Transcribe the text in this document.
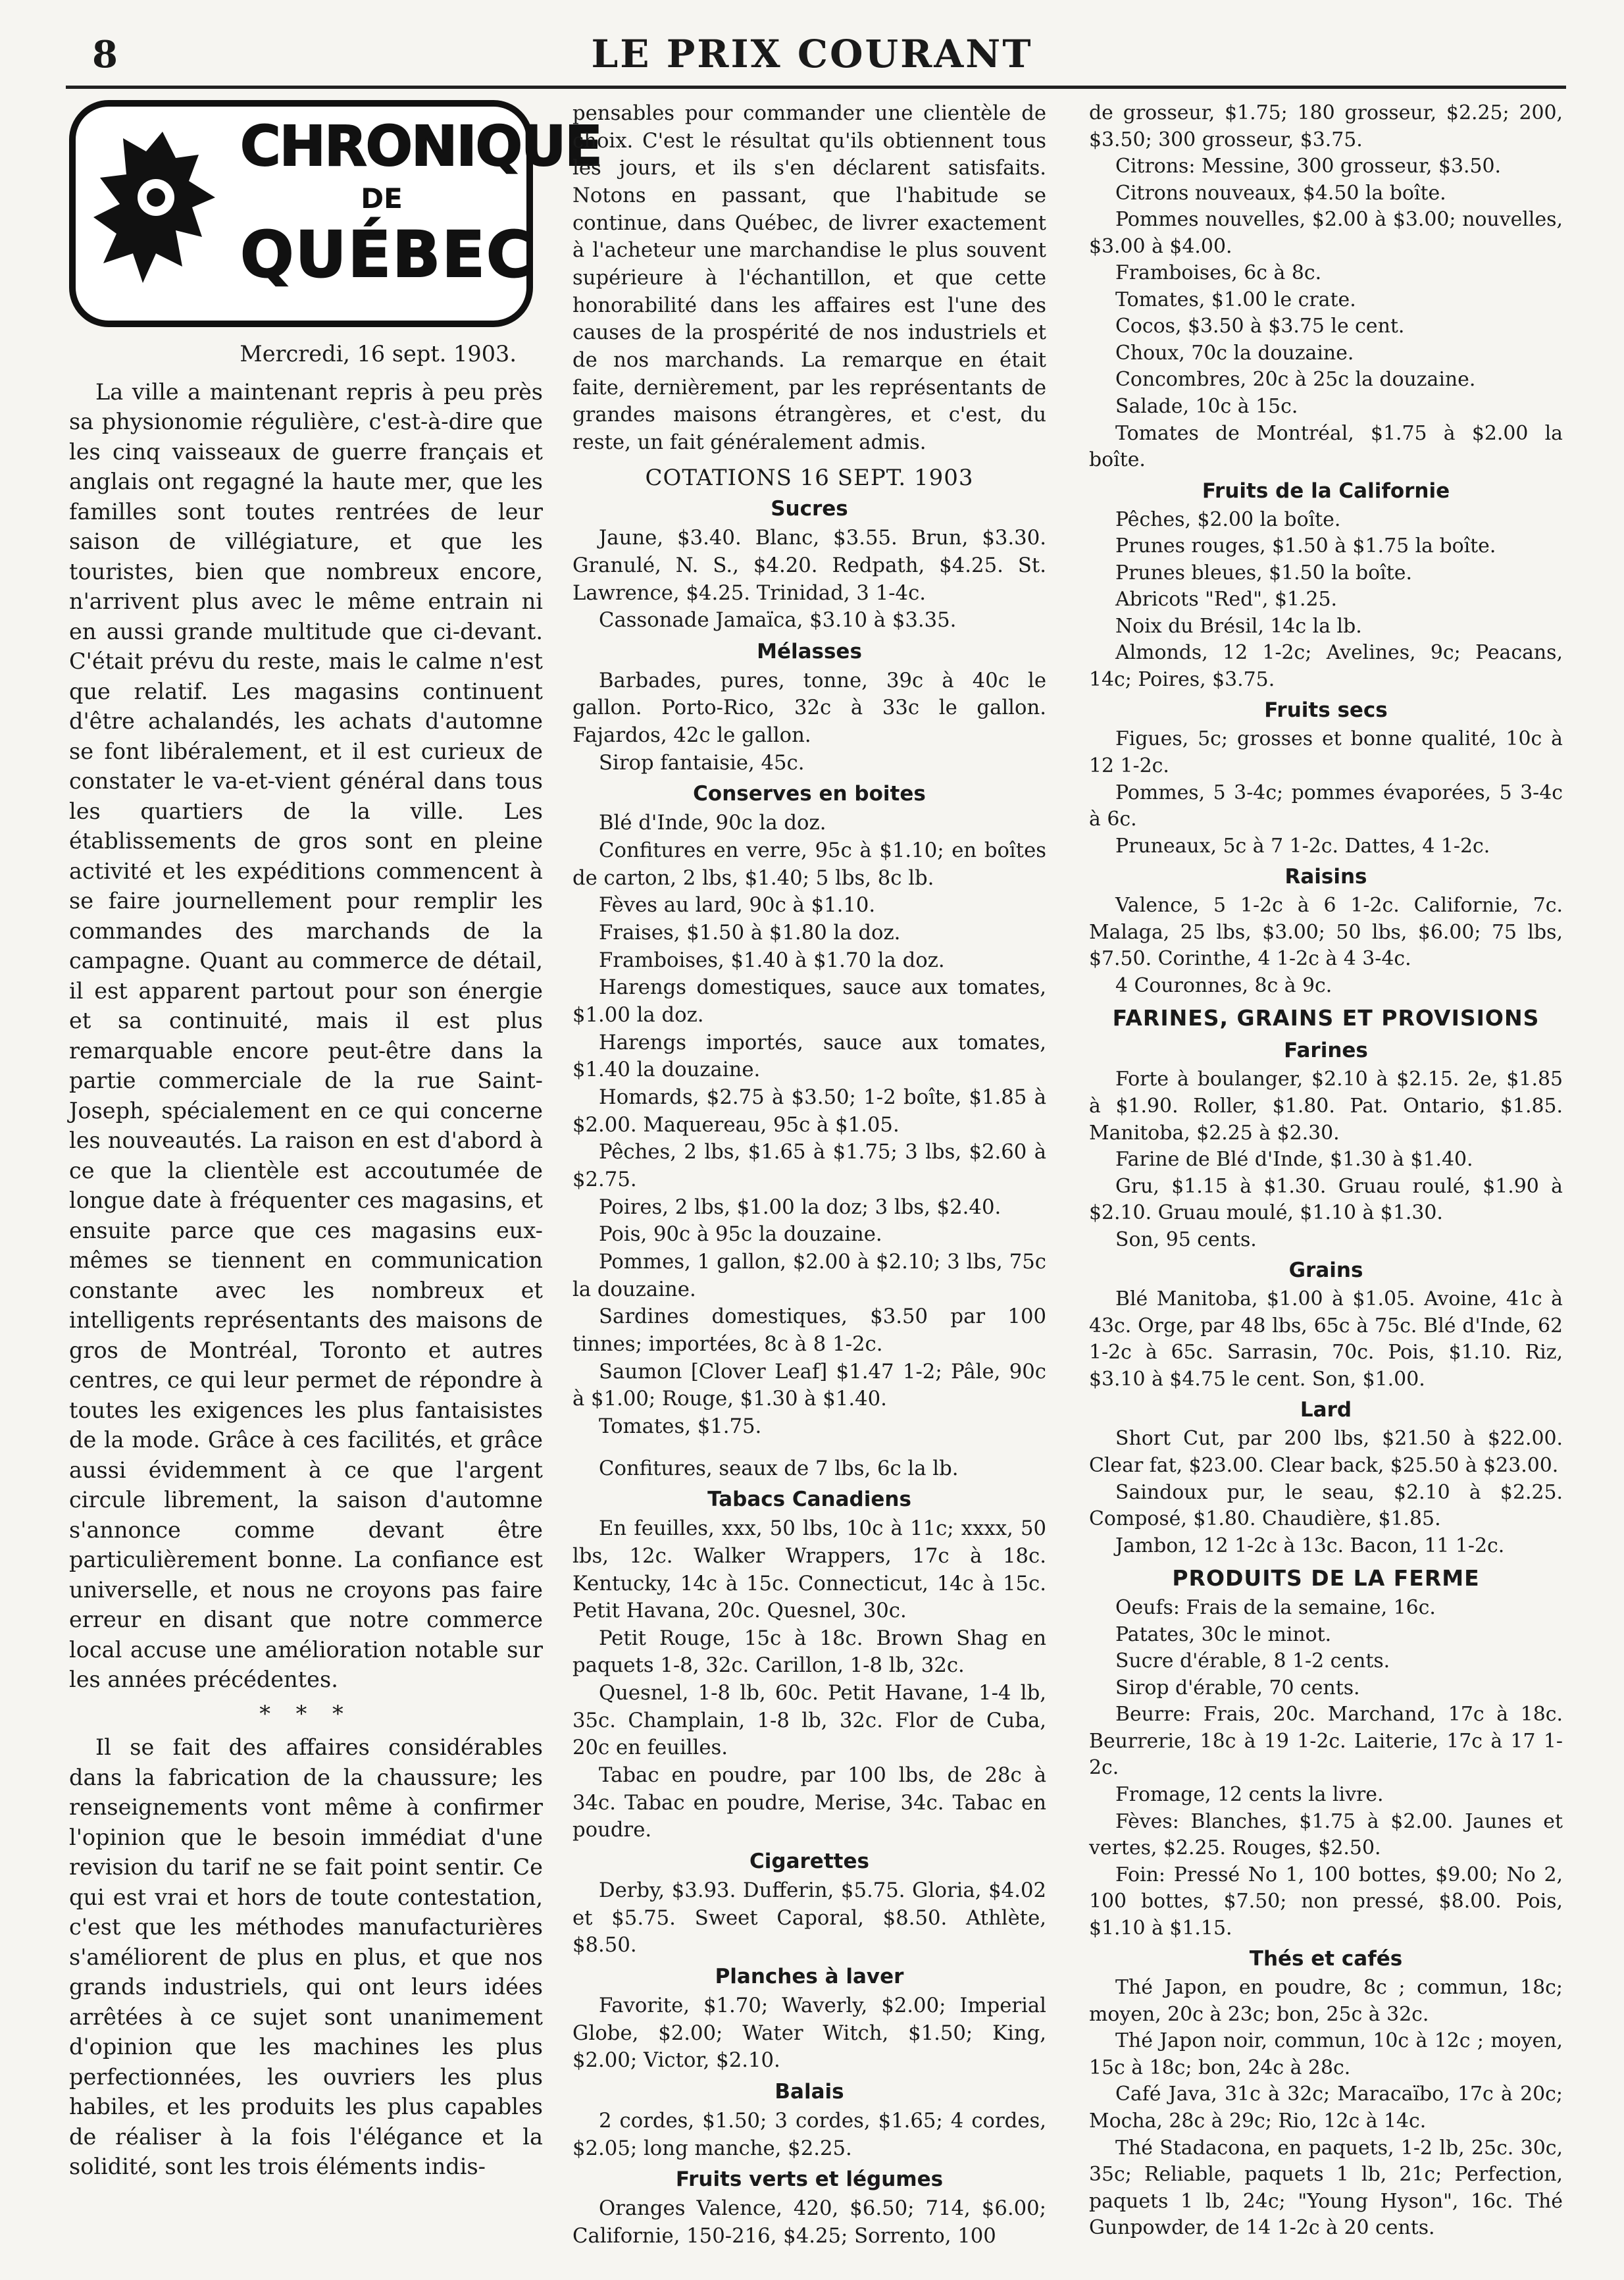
8	LE PRIX COURANT
CHRONIQUE
DE
QUÉBEC

Mercredi, 16 sept. 1903.

La ville a maintenant repris à peu près sa physionomie régulière, c'est-à-dire que les cinq vaisseaux de guerre français et anglais ont regagné la haute mer, que les familles sont toutes rentrées de leur saison de villégiature, et que les touristes, bien que nombreux encore, n'arrivent plus avec le même entrain ni en aussi grande multitude que ci-devant. C'était prévu du reste, mais le calme n'est que relatif. Les magasins continuent d'être achalandés, les achats d'automne se font libéralement, et il est curieux de constater le va-et-vient général dans tous les quartiers de la ville. Les établissements de gros sont en pleine activité et les expéditions commencent à se faire journellement pour remplir les commandes des marchands de la campagne. Quant au commerce de détail, il est apparent partout pour son énergie et sa continuité, mais il est plus remarquable encore peut-être dans la partie commerciale de la rue Saint-Joseph, spécialement en ce qui concerne les nouveautés. La raison en est d'abord à ce que la clientèle est accoutumée de longue date à fréquenter ces magasins, et ensuite parce que ces magasins eux-mêmes se tiennent en communication constante avec les nombreux et intelligents représentants des maisons de gros de Montréal, Toronto et autres centres, ce qui leur permet de répondre à toutes les exigences les plus fantaisistes de la mode. Grâce à ces facilités, et grâce aussi évidemment à ce que l'argent circule librement, la saison d'automne s'annonce comme devant être particulièrement bonne. La confiance est universelle, et nous ne croyons pas faire erreur en disant que notre commerce local accuse une amélioration notable sur les années précédentes.

* * *

Il se fait des affaires considérables dans la fabrication de la chaussure; les renseignements vont même à confirmer l'opinion que le besoin immédiat d'une revision du tarif ne se fait point sentir. Ce qui est vrai et hors de toute contestation, c'est que les méthodes manufacturières s'améliorent de plus en plus, et que nos grands industriels, qui ont leurs idées arrêtées à ce sujet sont unanimement d'opinion que les machines les plus perfectionnées, les ouvriers les plus habiles, et les produits les plus capables de réaliser à la fois l'élégance et la solidité, sont les trois éléments indis-

pensables pour commander une clientèle de choix. C'est le résultat qu'ils obtiennent tous les jours, et ils s'en déclarent satisfaits. Notons en passant, que l'habitude se continue, dans Québec, de livrer exactement à l'acheteur une marchandise le plus souvent supérieure à l'échantillon, et que cette honorabilité dans les affaires est l'une des causes de la prospérité de nos industriels et de nos marchands. La remarque en était faite, dernièrement, par les représentants de grandes maisons étrangères, et c'est, du reste, un fait généralement admis.

COTATIONS 16 SEPT. 1903
Sucres

Jaune, $3.40. Blanc, $3.55. Brun, $3.30. Granulé, N. S., $4.20. Redpath, $4.25. St. Lawrence, $4.25. Trinidad, 3 1-4c.

Cassonade Jamaïca, $3.10 à $3.35.

Mélasses

Barbades, pures, tonne, 39c à 40c le gallon. Porto-Rico, 32c à 33c le gallon. Fajardos, 42c le gallon.

Sirop fantaisie, 45c.

Conserves en boites

Blé d'Inde, 90c la doz.

Confitures en verre, 95c à $1.10; en boîtes de carton, 2 lbs, $1.40; 5 lbs, 8c lb.

Fèves au lard, 90c à $1.10.

Fraises, $1.50 à $1.80 la doz.

Framboises, $1.40 à $1.70 la doz.

Harengs domestiques, sauce aux tomates, $1.00 la doz.

Harengs importés, sauce aux tomates, $1.40 la douzaine.

Homards, $2.75 à $3.50; 1-2 boîte, $1.85 à $2.00. Maquereau, 95c à $1.05.

Pêches, 2 lbs, $1.65 à $1.75; 3 lbs, $2.60 à $2.75.

Poires, 2 lbs, $1.00 la doz; 3 lbs, $2.40.

Pois, 90c à 95c la douzaine.

Pommes, 1 gallon, $2.00 à $2.10; 3 lbs, 75c la douzaine.

Sardines domestiques, $3.50 par 100 tinnes; importées, 8c à 8 1-2c.

Saumon [Clover Leaf] $1.47 1-2; Pâle, 90c à $1.00; Rouge, $1.30 à $1.40.

Tomates, $1.75.

Confitures, seaux de 7 lbs, 6c la lb.

Tabacs Canadiens

En feuilles, xxx, 50 lbs, 10c à 11c; xxxx, 50 lbs, 12c. Walker Wrappers, 17c à 18c. Kentucky, 14c à 15c. Connecticut, 14c à 15c. Petit Havana, 20c. Quesnel, 30c.

Petit Rouge, 15c à 18c. Brown Shag en paquets 1-8, 32c. Carillon, 1-8 lb, 32c.

Quesnel, 1-8 lb, 60c. Petit Havane, 1-4 lb, 35c. Champlain, 1-8 lb, 32c. Flor de Cuba, 20c en feuilles.

Tabac en poudre, par 100 lbs, de 28c à 34c. Tabac en poudre, Merise, 34c. Tabac en poudre.

Cigarettes

Derby, $3.93. Dufferin, $5.75. Gloria, $4.02 et $5.75. Sweet Caporal, $8.50. Athlète, $8.50.

Planches à laver

Favorite, $1.70; Waverly, $2.00; Imperial Globe, $2.00; Water Witch, $1.50; King, $2.00; Victor, $2.10.

Balais

2 cordes, $1.50; 3 cordes, $1.65; 4 cordes, $2.05; long manche, $2.25.

Fruits verts et légumes

Oranges Valence, 420, $6.50; 714, $6.00; Californie, 150-216, $4.25; Sorrento, 100

de grosseur, $1.75; 180 grosseur, $2.25; 200, $3.50; 300 grosseur, $3.75.

Citrons: Messine, 300 grosseur, $3.50.

Citrons nouveaux, $4.50 la boîte.

Pommes nouvelles, $2.00 à $3.00; nouvelles, $3.00 à $4.00.

Framboises, 6c à 8c.

Tomates, $1.00 le crate.

Cocos, $3.50 à $3.75 le cent.

Choux, 70c la douzaine.

Concombres, 20c à 25c la douzaine.

Salade, 10c à 15c.

Tomates de Montréal, $1.75 à $2.00 la boîte.

Fruits de la Californie

Pêches, $2.00 la boîte.

Prunes rouges, $1.50 à $1.75 la boîte.

Prunes bleues, $1.50 la boîte.

Abricots "Red", $1.25.

Noix du Brésil, 14c la lb.

Almonds, 12 1-2c; Avelines, 9c; Peacans, 14c; Poires, $3.75.

Fruits secs

Figues, 5c; grosses et bonne qualité, 10c à 12 1-2c.

Pommes, 5 3-4c; pommes évaporées, 5 3-4c à 6c.

Pruneaux, 5c à 7 1-2c. Dattes, 4 1-2c.

Raisins

Valence, 5 1-2c à 6 1-2c. Californie, 7c. Malaga, 25 lbs, $3.00; 50 lbs, $6.00; 75 lbs, $7.50. Corinthe, 4 1-2c à 4 3-4c.

4 Couronnes, 8c à 9c.

FARINES, GRAINS ET PROVISIONS
Farines

Forte à boulanger, $2.10 à $2.15. 2e, $1.85 à $1.90. Roller, $1.80. Pat. Ontario, $1.85. Manitoba, $2.25 à $2.30.

Farine de Blé d'Inde, $1.30 à $1.40.

Gru, $1.15 à $1.30. Gruau roulé, $1.90 à $2.10. Gruau moulé, $1.10 à $1.30.

Son, 95 cents.

Grains

Blé Manitoba, $1.00 à $1.05. Avoine, 41c à 43c. Orge, par 48 lbs, 65c à 75c. Blé d'Inde, 62 1-2c à 65c. Sarrasin, 70c. Pois, $1.10. Riz, $3.10 à $4.75 le cent. Son, $1.00.

Lard

Short Cut, par 200 lbs, $21.50 à $22.00. Clear fat, $23.00. Clear back, $25.50 à $23.00.

Saindoux pur, le seau, $2.10 à $2.25. Composé, $1.80. Chaudière, $1.85.

Jambon, 12 1-2c à 13c. Bacon, 11 1-2c.

PRODUITS DE LA FERME

Oeufs: Frais de la semaine, 16c.

Patates, 30c le minot.

Sucre d'érable, 8 1-2 cents.

Sirop d'érable, 70 cents.

Beurre: Frais, 20c. Marchand, 17c à 18c. Beurrerie, 18c à 19 1-2c. Laiterie, 17c à 17 1-2c.

Fromage, 12 cents la livre.

Fèves: Blanches, $1.75 à $2.00. Jaunes et vertes, $2.25. Rouges, $2.50.

Foin: Pressé No 1, 100 bottes, $9.00; No 2, 100 bottes, $7.50; non pressé, $8.00. Pois, $1.10 à $1.15.

Thés et cafés

Thé Japon, en poudre, 8c ; commun, 18c; moyen, 20c à 23c; bon, 25c à 32c.

Thé Japon noir, commun, 10c à 12c ; moyen, 15c à 18c; bon, 24c à 28c.

Café Java, 31c à 32c; Maracaïbo, 17c à 20c; Mocha, 28c à 29c; Rio, 12c à 14c.

Thé Stadacona, en paquets, 1-2 lb, 25c. 30c, 35c; Reliable, paquets 1 lb, 21c; Perfection, paquets 1 lb, 24c; "Young Hyson", 16c. Thé Gunpowder, de 14 1-2c à 20 cents.
